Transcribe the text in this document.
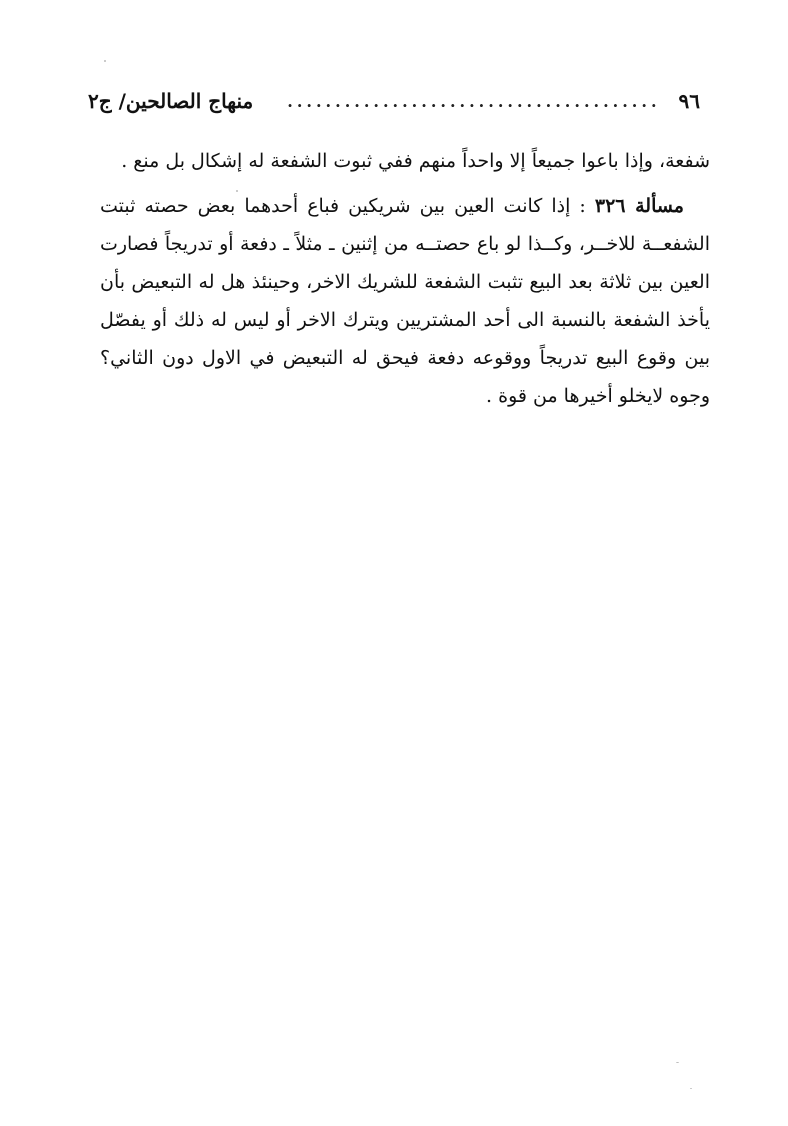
٩٦
.......................................
منهاج الصالحين/ ج٢

شفعة، وإذا باعوا جميعاً إلا واحداً منهم ففي ثبوت الشفعة له إشكال بل منع .

مسألة ٣٢٦ : إذا كانت العين بين شريكين فباع أحدهما بعض حصته ثبتت الشفعــة للاخــر، وكــذا لو باع حصتــه من إثنين ـ مثلاً ـ دفعة أو تدريجاً فصارت العين بين ثلاثة بعد البيع تثبت الشفعة للشريك الاخر، وحينئذ هل له التبعيض بأن يأخذ الشفعة بالنسبة الى أحد المشتريين ويترك الاخر أو ليس له ذلك أو يفصّل بين وقوع البيع تدريجاً ووقوعه دفعة فيحق له التبعيض في الاول دون الثاني؟ وجوه لايخلو أخيرها من قوة .
